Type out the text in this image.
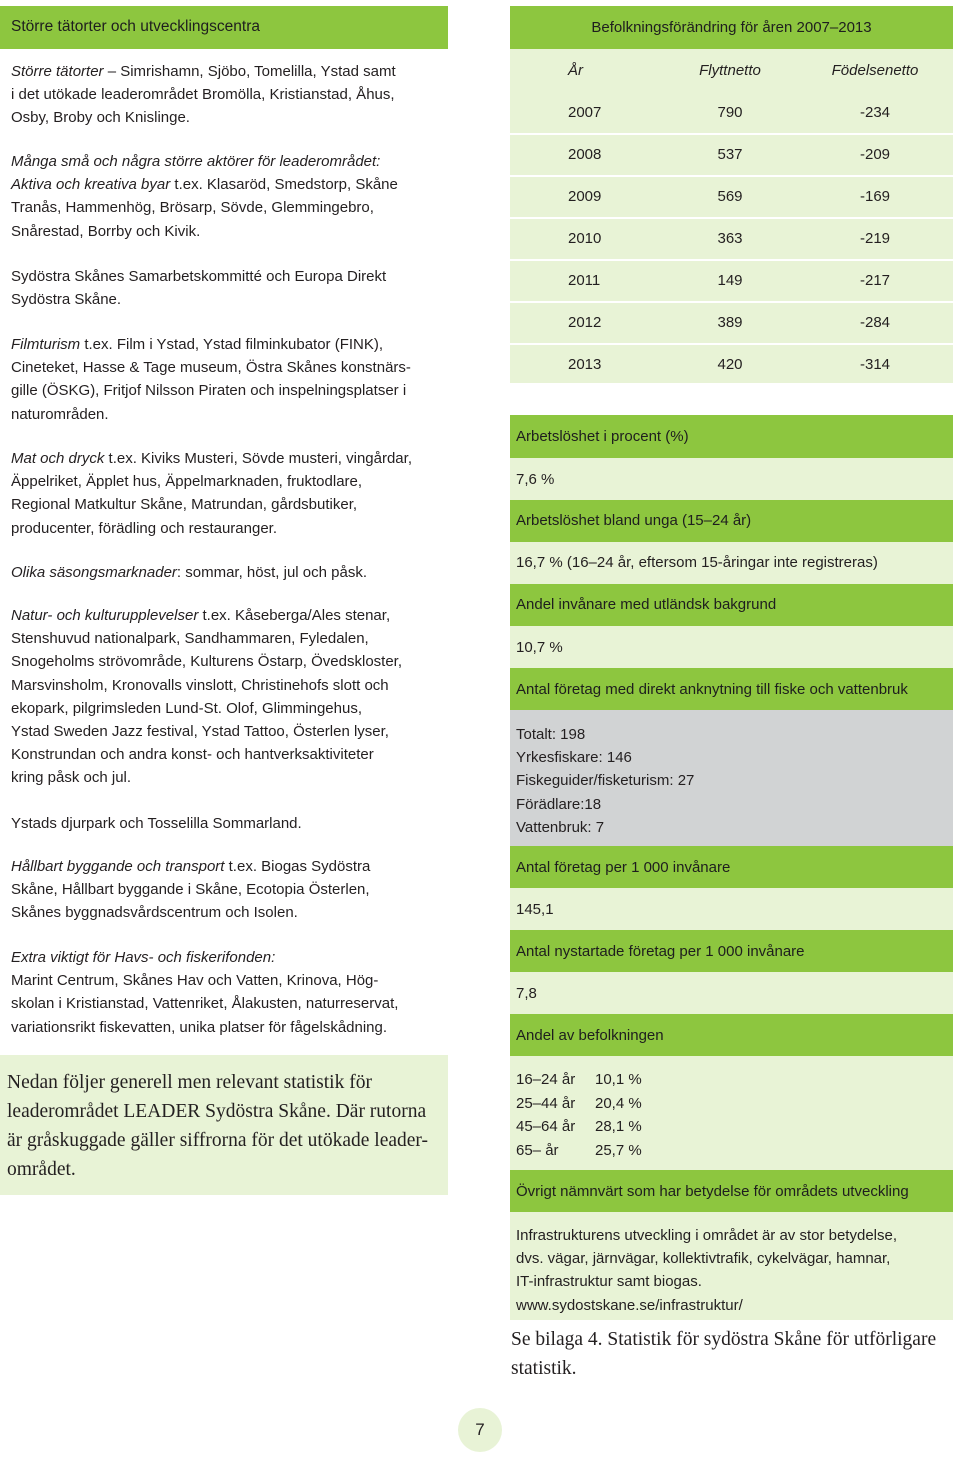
Större tätorter och utvecklingscentra
Större tätorter – Simrishamn, Sjöbo, Tomelilla, Ystad samt
i det utökade leaderområdet Bromölla, Kristianstad, Åhus,
Osby, Broby och Knislinge.
Många små och några större aktörer för leaderområdet:
Aktiva och kreativa byar t.ex. Klasaröd, Smedstorp, Skåne
Tranås, Hammenhög, Brösarp, Sövde, Glemmingebro,
Snårestad, Borrby och Kivik.
Sydöstra Skånes Samarbetskommitté och Europa Direkt
Sydöstra Skåne.
Filmturism t.ex. Film i Ystad, Ystad filminkubator (FINK),
Cineteket, Hasse & Tage museum, Östra Skånes konstnärs-
gille (ÖSKG), Fritjof Nilsson Piraten och inspelningsplatser i
naturområden.
Mat och dryck t.ex. Kiviks Musteri, Sövde musteri, vingårdar,
Äppelriket, Äpplet hus, Äppelmarknaden, fruktodlare,
Regional Matkultur Skåne, Matrundan, gårdsbutiker,
producenter, förädling och restauranger.
Olika säsongsmarknader: sommar, höst, jul och påsk.
Natur- och kulturupplevelser t.ex. Kåseberga/Ales stenar,
Stenshuvud nationalpark, Sandhammaren, Fyledalen,
Snogeholms strövområde, Kulturens Östarp, Övedskloster,
Marsvinsholm, Kronovalls vinslott, Christinehofs slott och
ekopark, pilgrimsleden Lund-St. Olof, Glimmingehus,
Ystad Sweden Jazz festival, Ystad Tattoo, Österlen lyser,
Konstrundan och andra konst- och hantverksaktiviteter
kring påsk och jul.
Ystads djurpark och Tosselilla Sommarland.
Hållbart byggande och transport t.ex. Biogas Sydöstra
Skåne, Hållbart byggande i Skåne, Ecotopia Österlen,
Skånes byggnadsvårdscentrum och Isolen.
Extra viktigt för Havs- och fiskerifonden:
Marint Centrum, Skånes Hav och Vatten, Krinova, Hög-
skolan i Kristianstad, Vattenriket, Ålakusten, naturreservat,
variationsrikt fiskevatten, unika platser för fågelskådning.
Nedan följer generell men relevant statistik för
leaderområdet LEADER Sydöstra Skåne. Där rutorna
är gråskuggade gäller siffrorna för det utökade leader-
området.
Befolkningsförändring för åren 2007–2013
År	Flyttnetto	Födelsenetto
2007	790	-234
2008	537	-209
2009	569	-169
2010	363	-219
2011	149	-217
2012	389	-284
2013	420	-314
Arbetslöshet i procent (%)
7,6 %
Arbetslöshet bland unga (15–24 år)
16,7 % (16–24 år, eftersom 15-åringar inte registreras)
Andel invånare med utländsk bakgrund
10,7 %
Antal företag med direkt anknytning till fiske och vattenbruk
Totalt: 198
Yrkesfiskare: 146
Fiskeguider/fisketurism: 27
Förädlare:18
Vattenbruk: 7
Antal företag per 1 000 invånare
145,1
Antal nystartade företag per 1 000 invånare
7,8
Andel av befolkningen
16–24 år 10,1 %
25–44 år 20,4 %
45–64 år 28,1 %
65– år 25,7 %
Övrigt nämnvärt som har betydelse för områdets utveckling
Infrastrukturens utveckling i området är av stor betydelse,
dvs. vägar, järnvägar, kollektivtrafik, cykelvägar, hamnar,
IT-infrastruktur samt biogas.
www.sydostskane.se/infrastruktur/
Se bilaga 4. Statistik för sydöstra Skåne för utförligare
statistik.
7
